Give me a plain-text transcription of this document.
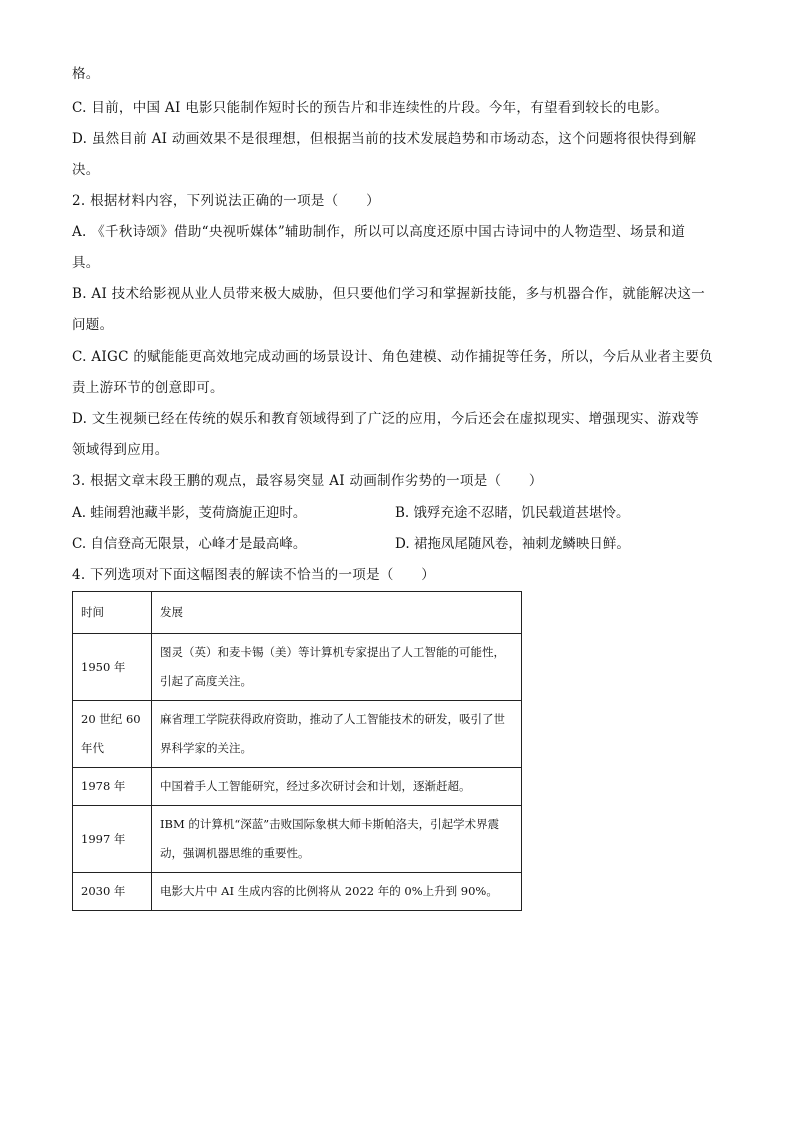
格。
C. 目前，中国 AI 电影只能制作短时长的预告片和非连续性的片段。今年，有望看到较长的电影。
D. 虽然目前 AI 动画效果不是很理想，但根据当前的技术发展趋势和市场动态，这个问题将很快得到解
决。
2. 根据材料内容，下列说法正确的一项是（　　）
A. 《千秋诗颂》借助“央视听媒体”辅助制作，所以可以高度还原中国古诗词中的人物造型、场景和道
具。
B. AI 技术给影视从业人员带来极大威胁，但只要他们学习和掌握新技能，多与机器合作，就能解决这一
问题。
C. AIGC 的赋能能更高效地完成动画的场景设计、角色建模、动作捕捉等任务，所以，今后从业者主要负
责上游环节的创意即可。
D. 文生视频已经在传统的娱乐和教育领域得到了广泛的应用，今后还会在虚拟现实、增强现实、游戏等
领域得到应用。
3. 根据文章末段王鹏的观点，最容易突显 AI 动画制作劣势的一项是（　　）
A. 蛙闹碧池藏半影，芰荷旖旎正迎时。	B. 饿殍充途不忍睹，饥民载道甚堪怜。
C. 自信登高无限景，心峰才是最高峰。	D. 裙拖凤尾随风卷，袖刺龙鳞映日鲜。
4. 下列选项对下面这幅图表的解读不恰当的一项是（　　）
时间	发展
1950 年	图灵（英）和麦卡锡（美）等计算机专家提出了人工智能的可能性，引起了高度关注。
20 世纪 60 年代	麻省理工学院获得政府资助，推动了人工智能技术的研发，吸引了世界科学家的关注。
1978 年	中国着手人工智能研究，经过多次研讨会和计划，逐渐赶超。
1997 年	IBM 的计算机“深蓝”击败国际象棋大师卡斯帕洛夫，引起学术界震动，强调机器思维的重要性。
2030 年	电影大片中 AI 生成内容的比例将从 2022 年的 0%上升到 90%。
